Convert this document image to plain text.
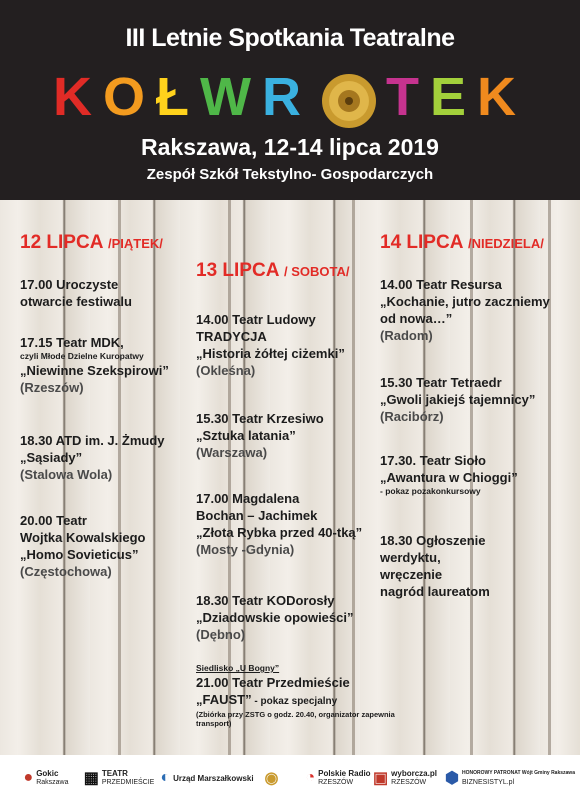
III Letnie Spotkania Teatralne
KOŁWR TEK
Rakszawa, 12-14 lipca 2019
Zespół Szkół Tekstylno- Gospodarczych
12 LIPCA /PIĄTEK/
13 LIPCA / SOBOTA/
14 LIPCA /NIEDZIELA/
17.00 Uroczyste
otwarcie festiwalu
17.15 Teatr MDK,
czyli Młode Dzielne Kuropatwy
„Niewinne Szekspirowi”
(Rzeszów)
18.30 ATD im. J. Żmudy
„Sąsiady”
(Stalowa Wola)
20.00 Teatr
Wojtka Kowalskiego
„Homo Sovieticus”
(Częstochowa)
14.00 Teatr Ludowy
TRADYCJA
„Historia żółtej ciżemki”
(Okleśna)
15.30 Teatr Krzesiwo
„Sztuka latania”
(Warszawa)
17.00 Magdalena
Bochan – Jachimek
„Złota Rybka przed 40-tką”
(Mosty -Gdynia)
18.30 Teatr KODorosły
„Dziadowskie opowieści”
(Dębno)
Siedlisko „U Bogny”
21.00 Teatr Przedmieście
„FAUST” - pokaz specjalny
(Zbiórka przy ZSTG o godz. 20.40, organizator zapewnia
transport)
14.00 Teatr Resursa
„Kochanie, jutro zaczniemy
od nowa…”
(Radom)
15.30 Teatr Tetraedr
„Gwoli jakiejś tajemnicy”
(Racibórz)
17.30. Teatr Sioło
„Awantura w Chioggi”
- pokaz pozakonkursowy
18.30 Ogłoszenie
werdyktu,
wręczenie
nagród laureatom
● Gokic
Rakszawa ▦ TEATR
PRZEDMIEŚCIE ◐ Urząd Marszałkowski ◉ ◔ Polskie Radio
RZESZÓW	▣ wyborcza.pl
RZESZÓW	⬢ HONOROWY PATRONAT Wójt Gminy Rakszawa
BIZNESISTYL.pl
